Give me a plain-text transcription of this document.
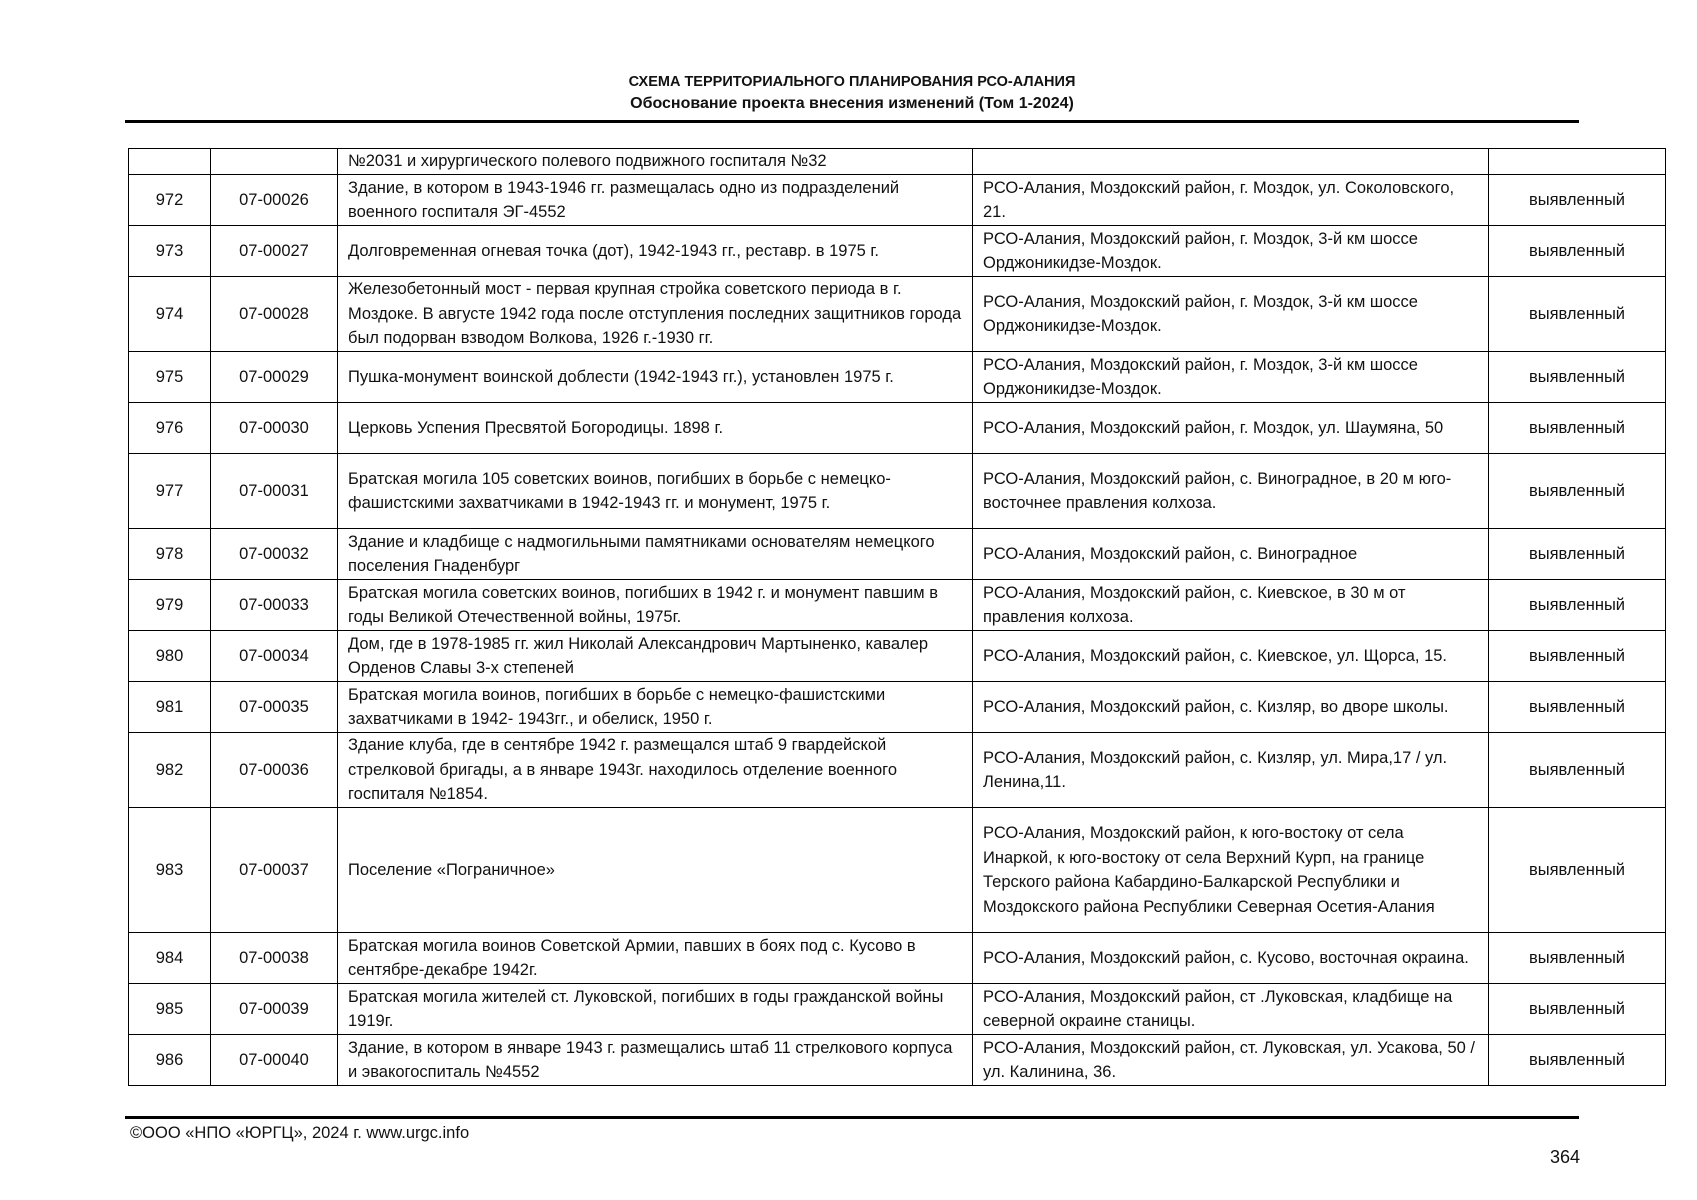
СХЕМА ТЕРРИТОРИАЛЬНОГО ПЛАНИРОВАНИЯ РСО-АЛАНИЯ
Обоснование проекта внесения изменений (Том 1-2024)
		№2031 и хирургического полевого подвижного госпиталя №32		
972	07-00026	Здание, в котором в 1943-1946 гг. размещалась одно из подразделений военного госпиталя ЭГ-4552	РСО-Алания, Моздокский район, г. Моздок, ул. Соколовского, 21.	выявленный
973	07-00027	Долговременная огневая точка (дот), 1942-1943 гг., реставр. в 1975 г.	РСО-Алания, Моздокский район, г. Моздок, 3-й км шоссе Орджоникидзе-Моздок.	выявленный
974	07-00028	Железобетонный мост - первая крупная стройка советского периода в г. Моздоке. В августе 1942 года после отступления последних защитников города был подорван взводом Волкова, 1926 г.-1930 гг.	РСО-Алания, Моздокский район, г. Моздок, 3-й км шоссе Орджоникидзе-Моздок.	выявленный
975	07-00029	Пушка-монумент воинской доблести (1942-1943 гг.), установлен 1975 г.	РСО-Алания, Моздокский район, г. Моздок, 3-й км шоссе Орджоникидзе-Моздок.	выявленный
976	07-00030	Церковь Успения Пресвятой Богородицы. 1898 г.	РСО-Алания, Моздокский район, г. Моздок, ул. Шаумяна, 50	выявленный
977	07-00031	Братская могила 105 советских воинов, погибших в борьбе с немецко-фашистскими захватчиками в 1942-1943 гг. и монумент, 1975 г.	РСО-Алания, Моздокский район, с. Виноградное, в 20 м юго-восточнее правления колхоза.	выявленный
978	07-00032	Здание и кладбище с надмогильными памятниками основателям немецкого поселения Гнаденбург	РСО-Алания, Моздокский район, с. Виноградное	выявленный
979	07-00033	Братская могила советских воинов, погибших в 1942 г. и монумент павшим в годы Великой Отечественной войны, 1975г.	РСО-Алания, Моздокский район, с. Киевское, в 30 м от правления колхоза.	выявленный
980	07-00034	Дом, где в 1978-1985 гг. жил Николай Александрович Мартыненко, кавалер Орденов Славы 3-х степеней	РСО-Алания, Моздокский район, с. Киевское, ул. Щорса, 15.	выявленный
981	07-00035	Братская могила воинов, погибших в борьбе с немецко-фашистскими захватчиками в 1942- 1943гг., и обелиск, 1950 г.	РСО-Алания, Моздокский район, с. Кизляр, во дворе школы.	выявленный
982	07-00036	Здание клуба, где в сентябре 1942 г. размещался штаб 9 гвардейской стрелковой бригады, а в январе 1943г. находилось отделение военного госпиталя №1854.	РСО-Алания, Моздокский район, с. Кизляр, ул. Мира,17 / ул. Ленина,11.	выявленный
983	07-00037	Поселение «Пограничное»	РСО-Алания, Моздокский район, к юго-востоку от села Инаркой, к юго-востоку от села Верхний Курп, на границе Терского района Кабардино-Балкарской Республики и Моздокского района Республики Северная Осетия-Алания	выявленный
984	07-00038	Братская могила воинов Советской Армии, павших в боях под с. Кусово в сентябре-декабре 1942г.	РСО-Алания, Моздокский район, с. Кусово, восточная окраина.	выявленный
985	07-00039	Братская могила жителей ст. Луковской, погибших в годы гражданской войны 1919г.	РСО-Алания, Моздокский район, ст .Луковская, кладбище на северной окраине станицы.	выявленный
986	07-00040	Здание, в котором в январе 1943 г. размещались штаб 11 стрелкового корпуса и эвакогоспиталь №4552	РСО-Алания, Моздокский район, ст. Луковская, ул. Усакова, 50 / ул. Калинина, 36.	выявленный
©ООО «НПО «ЮРГЦ», 2024 г. www.urgc.info
364
